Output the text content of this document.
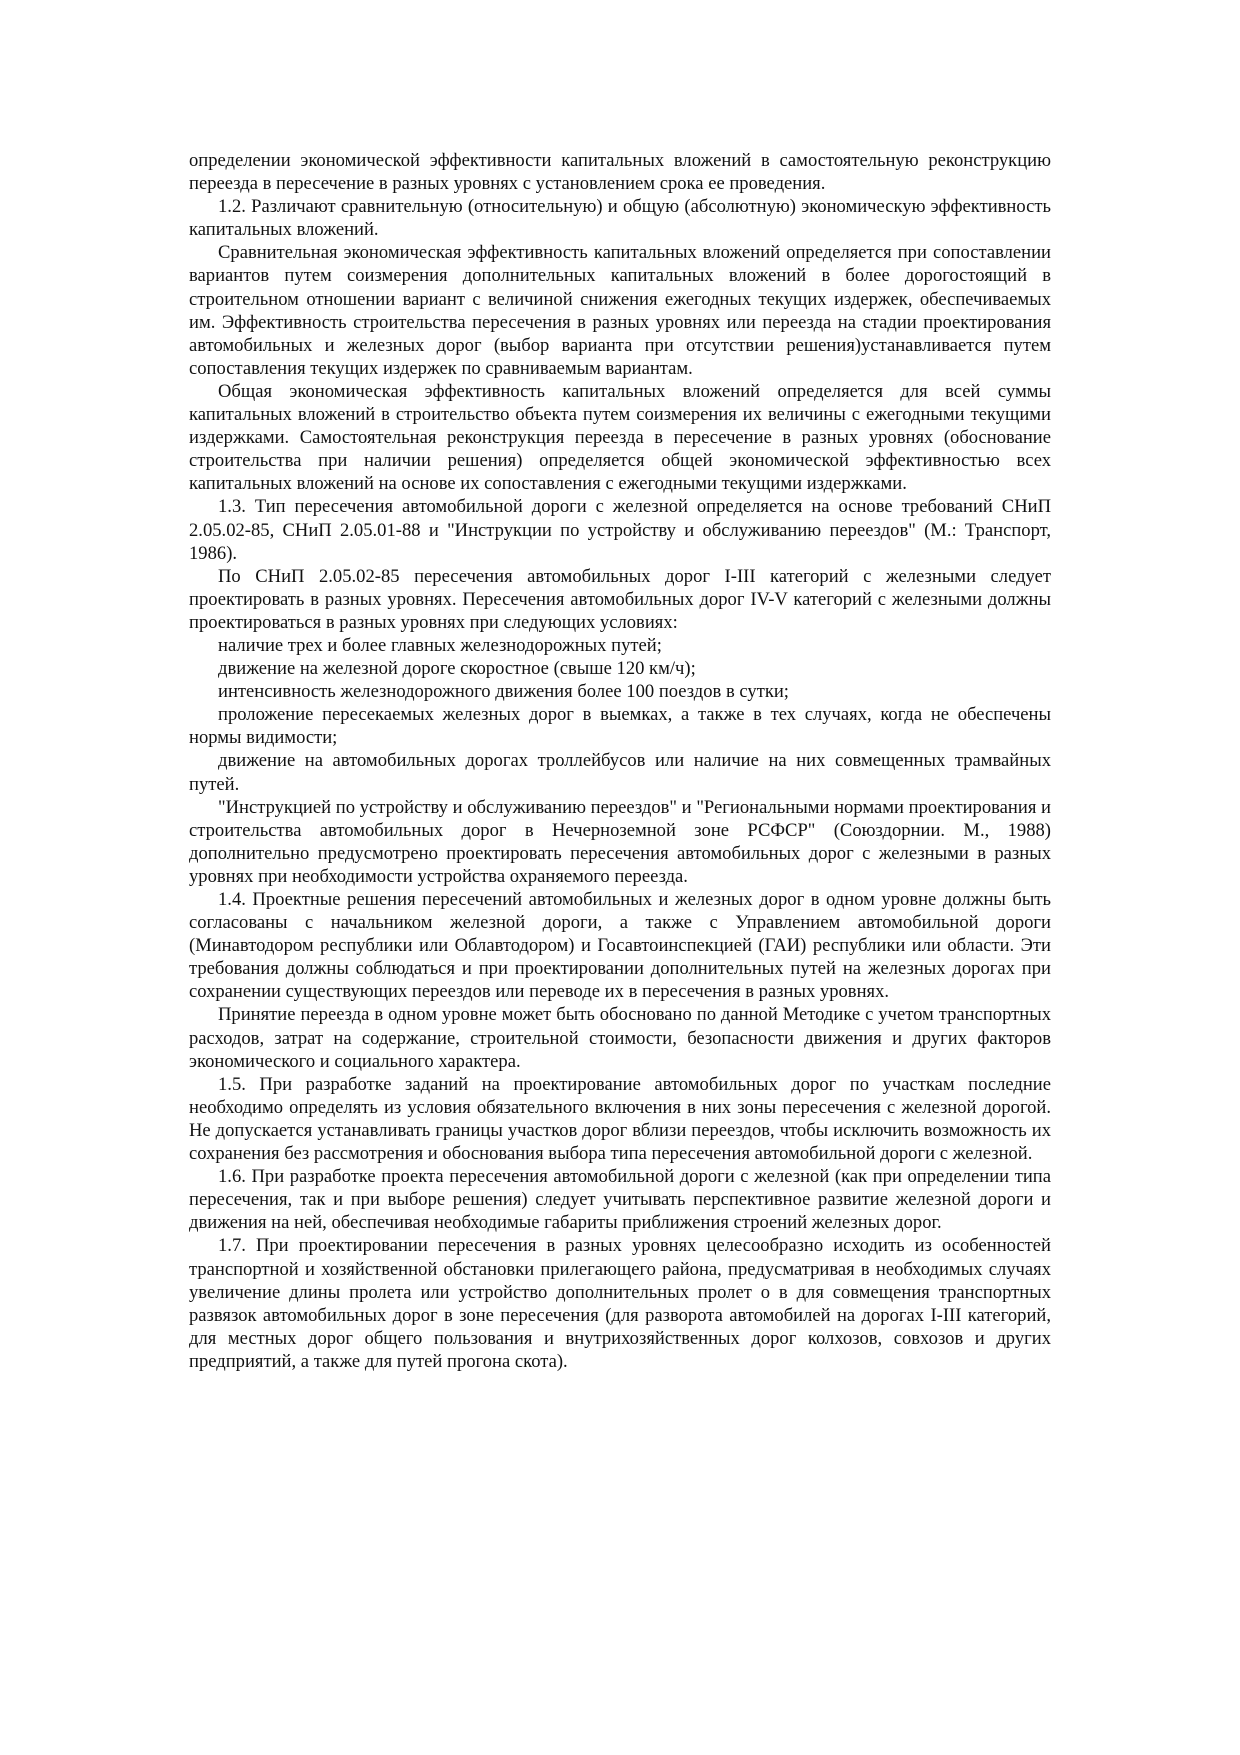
определении экономической эффективности капитальных вложений в самостоятельную реконструкцию переезда в пересечение в разных уровнях с установлением срока ее проведения.

1.2. Различают сравнительную (относительную) и общую (абсолютную) экономическую эффективность капитальных вложений.

Сравнительная экономическая эффективность капитальных вложений определяется при сопоставлении вариантов путем соизмерения дополнительных капитальных вложений в более дорогостоящий в строительном отношении вариант с величиной снижения ежегодных текущих издержек, обеспечиваемых им. Эффективность строительства пересечения в разных уровнях или переезда на стадии проектирования автомобильных и железных дорог (выбор варианта при отсутствии решения)устанавливается путем сопоставления текущих издержек по сравниваемым вариантам.

Общая экономическая эффективность капитальных вложений определяется для всей суммы капитальных вложений в строительство объекта путем соизмерения их величины с ежегодными текущими издержками. Самостоятельная реконструкция переезда в пересечение в разных уровнях (обоснование строительства при наличии решения) определяется общей экономической эффективностью всех капитальных вложений на основе их сопоставления с ежегодными текущими издержками.

1.3. Тип пересечения автомобильной дороги с железной определяется на основе требований СНиП 2.05.02-85, СНиП 2.05.01-88 и "Инструкции по устройству и обслуживанию переездов" (М.: Транспорт, 1986).

По СНиП 2.05.02-85 пересечения автомобильных дорог I-III категорий с железными следует проектировать в разных уровнях. Пересечения автомобильных дорог IV-V категорий с железными должны проектироваться в разных уровнях при следующих условиях:

наличие трех и более главных железнодорожных путей;

движение на железной дороге скоростное (свыше 120 км/ч);

интенсивность железнодорожного движения более 100 поездов в сутки;

проложение пересекаемых железных дорог в выемках, а также в тех случаях, когда не обеспечены нормы видимости;

движение на автомобильных дорогах троллейбусов или наличие на них совмещенных трамвайных путей.

"Инструкцией по устройству и обслуживанию переездов" и "Региональными нормами проектирования и строительства автомобильных дорог в Нечерноземной зоне РСФСР" (Союздорнии. М., 1988) дополнительно предусмотрено проектировать пересечения автомобильных дорог с железными в разных уровнях при необходимости устройства охраняемого переезда.

1.4. Проектные решения пересечений автомобильных и железных дорог в одном уровне должны быть согласованы с начальником железной дороги, а также с Управлением автомобильной дороги (Минавтодором республики или Облавтодором) и Госавтоинспекцией (ГАИ) республики или области. Эти требования должны соблюдаться и при проектировании дополнительных путей на железных дорогах при сохранении существующих переездов или переводе их в пересечения в разных уровнях.

Принятие переезда в одном уровне может быть обосновано по данной Методике с учетом транспортных расходов, затрат на содержание, строительной стоимости, безопасности движения и других факторов экономического и социального характера.

1.5. При разработке заданий на проектирование автомобильных дорог по участкам последние необходимо определять из условия обязательного включения в них зоны пересечения с железной дорогой. Не допускается устанавливать границы участков дорог вблизи переездов, чтобы исключить возможность их сохранения без рассмотрения и обоснования выбора типа пересечения автомобильной дороги с железной.

1.6. При разработке проекта пересечения автомобильной дороги с железной (как при определении типа пересечения, так и при выборе решения) следует учитывать перспективное развитие железной дороги и движения на ней, обеспечивая необходимые габариты приближения строений железных дорог.

1.7. При проектировании пересечения в разных уровнях целесообразно исходить из особенностей транспортной и хозяйственной обстановки прилегающего района, предусматривая в необходимых случаях увеличение длины пролета или устройство дополнительных пролет о в для совмещения транспортных развязок автомобильных дорог в зоне пересечения (для разворота автомобилей на дорогах I-III категорий, для местных дорог общего пользования и внутрихозяйственных дорог колхозов, совхозов и других предприятий, а также для путей прогона скота).
